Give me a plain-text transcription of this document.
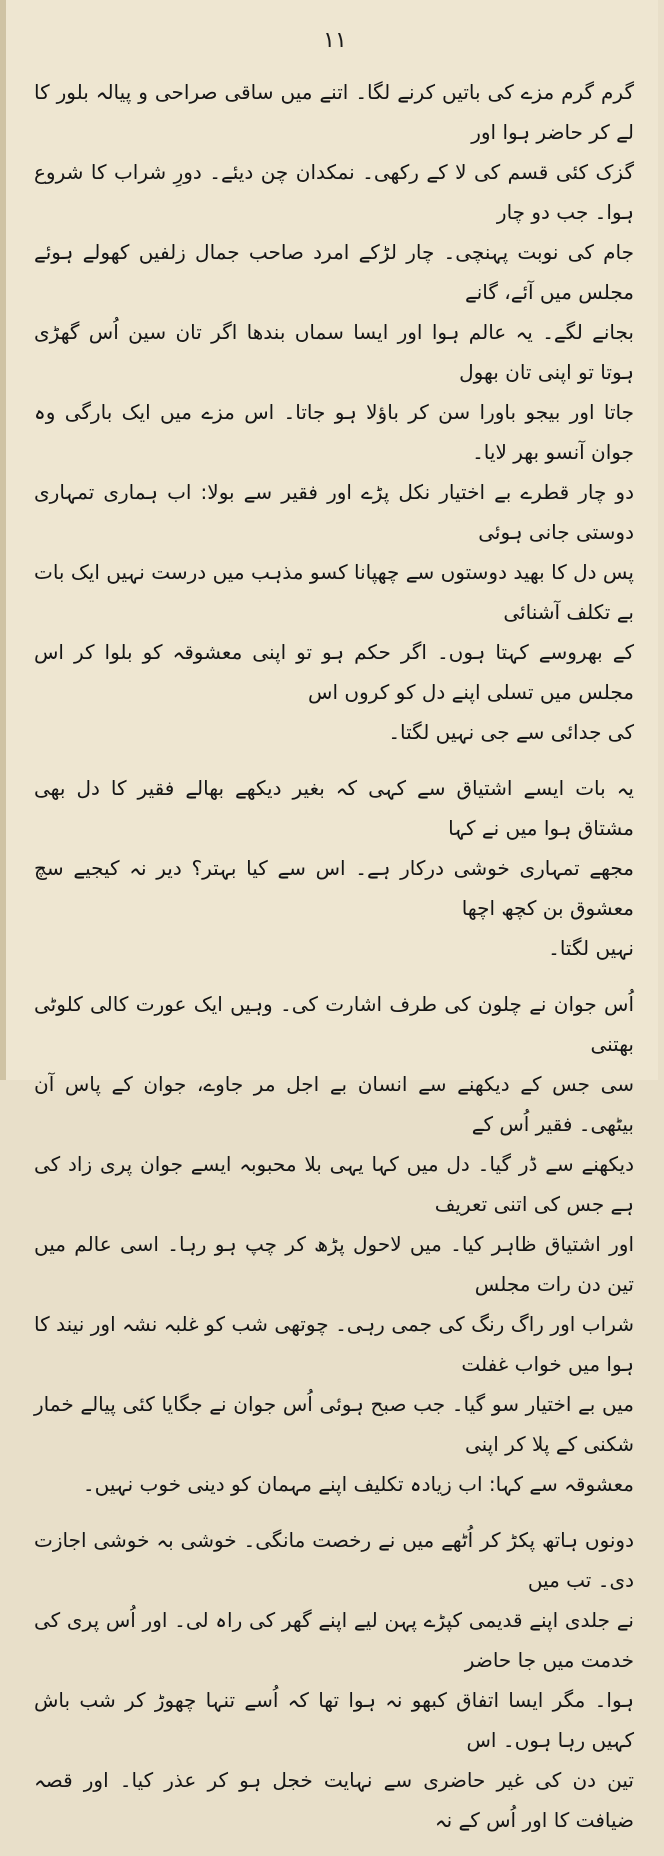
۱۱

گرم گرم مزے کی باتیں کرنے لگا۔ اتنے میں ساقی صراحی و پیالہ بلور کا لے کر حاضر ہوا اور

گزک کئی قسم کی لا کے رکھی۔ نمکدان چن دیئے۔ دورِ شراب کا شروع ہوا۔ جب دو چار

جام کی نوبت پہنچی۔ چار لڑکے امرد صاحب جمال زلفیں کھولے ہوئے مجلس میں آئے، گانے

بجانے لگے۔ یہ عالم ہوا اور ایسا سماں بندھا اگر تان سین اُس گھڑی ہوتا تو اپنی تان بھول

جاتا اور بیجو باورا سن کر باؤلا ہو جاتا۔ اس مزے میں ایک بارگی وہ جوان آنسو بھر لایا۔

دو چار قطرے بے اختیار نکل پڑے اور فقیر سے بولا: اب ہماری تمہاری دوستی جانی ہوئی

پس دل کا بھید دوستوں سے چھپانا کسو مذہب میں درست نہیں ایک بات بے تکلف آشنائی

کے بھروسے کہتا ہوں۔ اگر حکم ہو تو اپنی معشوقہ کو بلوا کر اس مجلس میں تسلی اپنے دل کو کروں اس

کی جدائی سے جی نہیں لگتا۔

یہ بات ایسے اشتیاق سے کہی کہ بغیر دیکھے بھالے فقیر کا دل بھی مشتاق ہوا میں نے کہا

مجھے تمہاری خوشی درکار ہے۔ اس سے کیا بہتر؟ دیر نہ کیجیے سچ معشوق بن کچھ اچھا

نہیں لگتا۔

اُس جوان نے چلون کی طرف اشارت کی۔ وہیں ایک عورت کالی کلوٹی بھتنی

سی جس کے دیکھنے سے انسان بے اجل مر جاوے، جوان کے پاس آن بیٹھی۔ فقیر اُس کے

دیکھنے سے ڈر گیا۔ دل میں کہا یہی بلا محبوبہ ایسے جوان پری زاد کی ہے جس کی اتنی تعریف

اور اشتیاق ظاہر کیا۔ میں لاحول پڑھ کر چپ ہو رہا۔ اسی عالم میں تین دن رات مجلس

شراب اور راگ رنگ کی جمی رہی۔ چوتھی شب کو غلبہ نشہ اور نیند کا ہوا میں خواب غفلت

میں بے اختیار سو گیا۔ جب صبح ہوئی اُس جوان نے جگایا کئی پیالے خمار شکنی کے پلا کر اپنی

معشوقہ سے کہا: اب زیادہ تکلیف اپنے مہمان کو دینی خوب نہیں۔

دونوں ہاتھ پکڑ کر اُٹھے میں نے رخصت مانگی۔ خوشی بہ خوشی اجازت دی۔ تب میں

نے جلدی اپنے قدیمی کپڑے پہن لیے اپنے گھر کی راہ لی۔ اور اُس پری کی خدمت میں جا حاضر

ہوا۔ مگر ایسا اتفاق کبھو نہ ہوا تھا کہ اُسے تنہا چھوڑ کر شب باش کہیں رہا ہوں۔ اس

تین دن کی غیر حاضری سے نہایت خجل ہو کر عذر کیا۔ اور قصہ ضیافت کا اور اُس کے نہ
